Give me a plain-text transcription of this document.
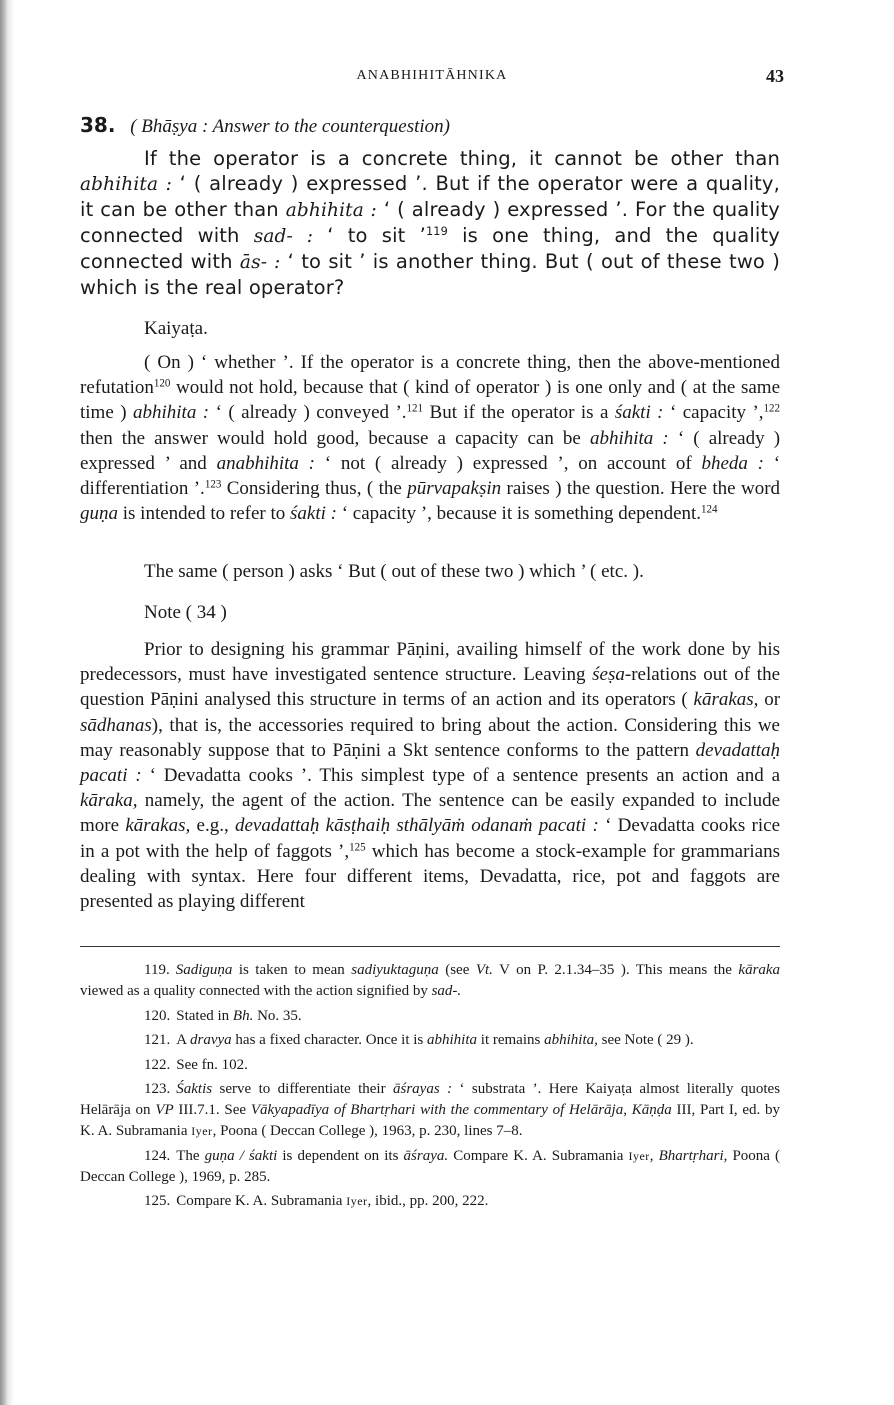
ANABHIHITĀHNIKA	43
38. ( Bhāṣya : Answer to the counterquestion)

If the operator is a concrete thing, it cannot be other than abhihita : ‘ ( already ) expressed ’. But if the operator were a quality, it can be other than abhihita : ‘ ( already ) expressed ’. For the quality connected with sad- : ‘ to sit ’$^{119}$ is one thing, and the quality connected with ās- : ‘ to sit ’ is another thing. But ( out of these two ) which is the real operator?

Kaiyaṭa.

( On ) ‘ whether ’. If the operator is a concrete thing, then the above-mentioned refutation$^{120}$ would not hold, because that ( kind of operator ) is one only and ( at the same time ) abhihita : ‘ ( already ) conveyed ’.$^{121}$ But if the operator is a śakti : ‘ capacity ’,$^{122}$ then the answer would hold good, because a capacity can be abhihita : ‘ ( already ) expressed ’ and anabhihita : ‘ not ( already ) expressed ’, on account of bheda : ‘ differentiation ’.$^{123}$ Considering thus, ( the pūrvapakṣin raises ) the question. Here the word guṇa is intended to refer to śakti : ‘ capacity ’, because it is something dependent.$^{124}$

The same ( person ) asks ‘ But ( out of these two ) which ’ ( etc. ).

Note ( 34 )

Prior to designing his grammar Pāṇini, availing himself of the work done by his predecessors, must have investigated sentence structure. Leaving śeṣa-relations out of the question Pāṇini analysed this structure in terms of an action and its operators ( kārakas, or sādhanas), that is, the accessories required to bring about the action. Considering this we may reasonably suppose that to Pāṇini a Skt sentence conforms to the pattern devadattaḥ pacati : ‘ Devadatta cooks ’. This simplest type of a sentence presents an action and a kāraka, namely, the agent of the action. The sentence can be easily expanded to include more kārakas, e.g., devadattaḥ kāsṭhaiḥ sthālyāṁ odanaṁ pacati : ‘ Devadatta cooks rice in a pot with the help of faggots ’,$^{125}$ which has become a stock-example for grammarians dealing with syntax. Here four different items, Devadatta, rice, pot and faggots are presented as playing different

119. Sadiguṇa is taken to mean sadiyuktaguṇa (see Vt. V on P. 2.1.34–35 ). This means the kāraka viewed as a quality connected with the action signified by sad-.

120. Stated in Bh. No. 35.

121. A dravya has a fixed character. Once it is abhihita it remains abhihita, see Note ( 29 ).

122. See fn. 102.

123. Śaktis serve to differentiate their āśrayas : ‘ substrata ’. Here Kaiyaṭa almost literally quotes Helārāja on VP III.7.1. See Vākyapadīya of Bhartṛhari with the commentary of Helārāja, Kāṇḍa III, Part I, ed. by K. A. Subramania Iyer, Poona ( Deccan College ), 1963, p. 230, lines 7–8.

124. The guṇa / śakti is dependent on its āśraya. Compare K. A. Subramania Iyer, Bhartṛhari, Poona ( Deccan College ), 1969, p. 285.

125. Compare K. A. Subramania Iyer, ibid., pp. 200, 222.
